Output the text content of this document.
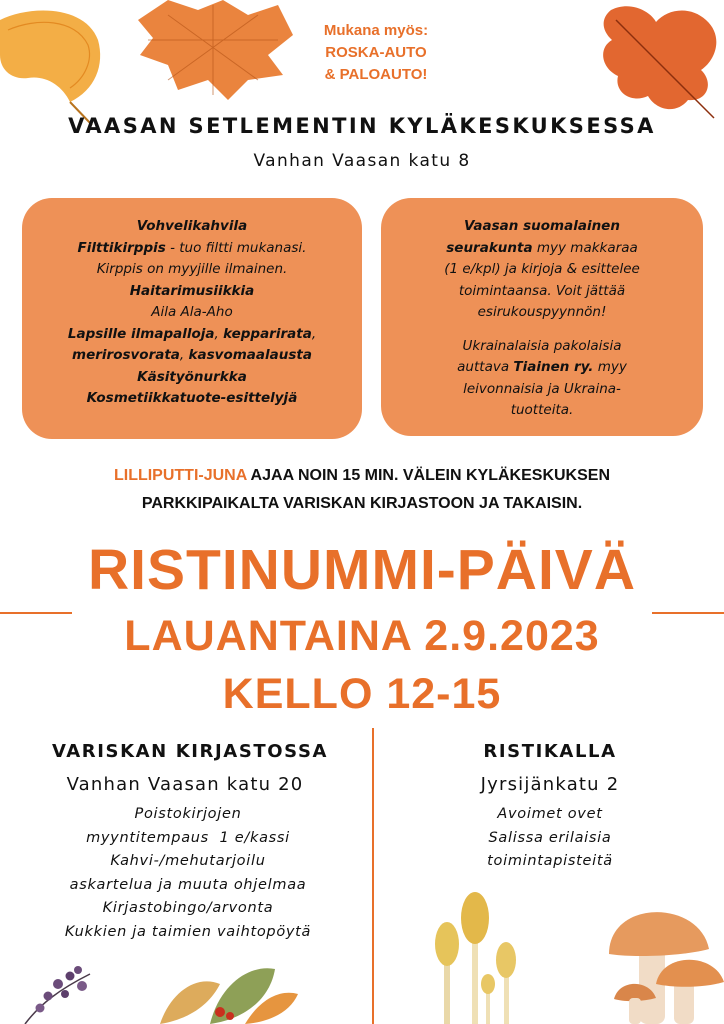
Mukana myös:
ROSKA-AUTO
& PALOAUTO!
VAASAN SETLEMENTIN KYLÄKESKUKSESSA
Vanhan Vaasan katu 8

Vohvelikahvila

Filttikirppis - tuo filtti mukanasi.

Kirppis on myyjille ilmainen.

Haitarimusiikkia

Aila Ala-Aho

Lapsille ilmapalloja, kepparirata,

merirosvorata, kasvomaalausta

Käsityönurkka

Kosmetiikkatuote-esittelyjä

Vaasan suomalainen

seurakunta myy makkaraa

(1 e/kpl) ja kirjoja & esittelee

toimintaansa. Voit jättää

esirukouspyynnön!

Ukrainalaisia pakolaisia

auttava Tiainen ry. myy

leivonnaisia ja Ukraina-

tuotteita.

LILLIPUTTI-JUNA AJAA NOIN 15 MIN. VÄLEIN KYLÄKESKUKSEN
PARKKIPAIKALTA VARISKAN KIRJASTOON JA TAKAISIN.
RISTINUMMI-PÄIVÄ
LAUANTAINA 2.9.2023
KELLO 12-15
VARISKAN KIRJASTOSSA
Vanhan Vaasan katu 20
Poistokirjojen
myyntitempaus  1 e/kassi
Kahvi-/mehutarjoilu
askartelua ja muuta ohjelmaa
Kirjastobingo/arvonta
Kukkien ja taimien vaihtopöytä
RISTIKALLA
Jyrsijänkatu 2
Avoimet ovet
Salissa erilaisia
toimintapisteitä
